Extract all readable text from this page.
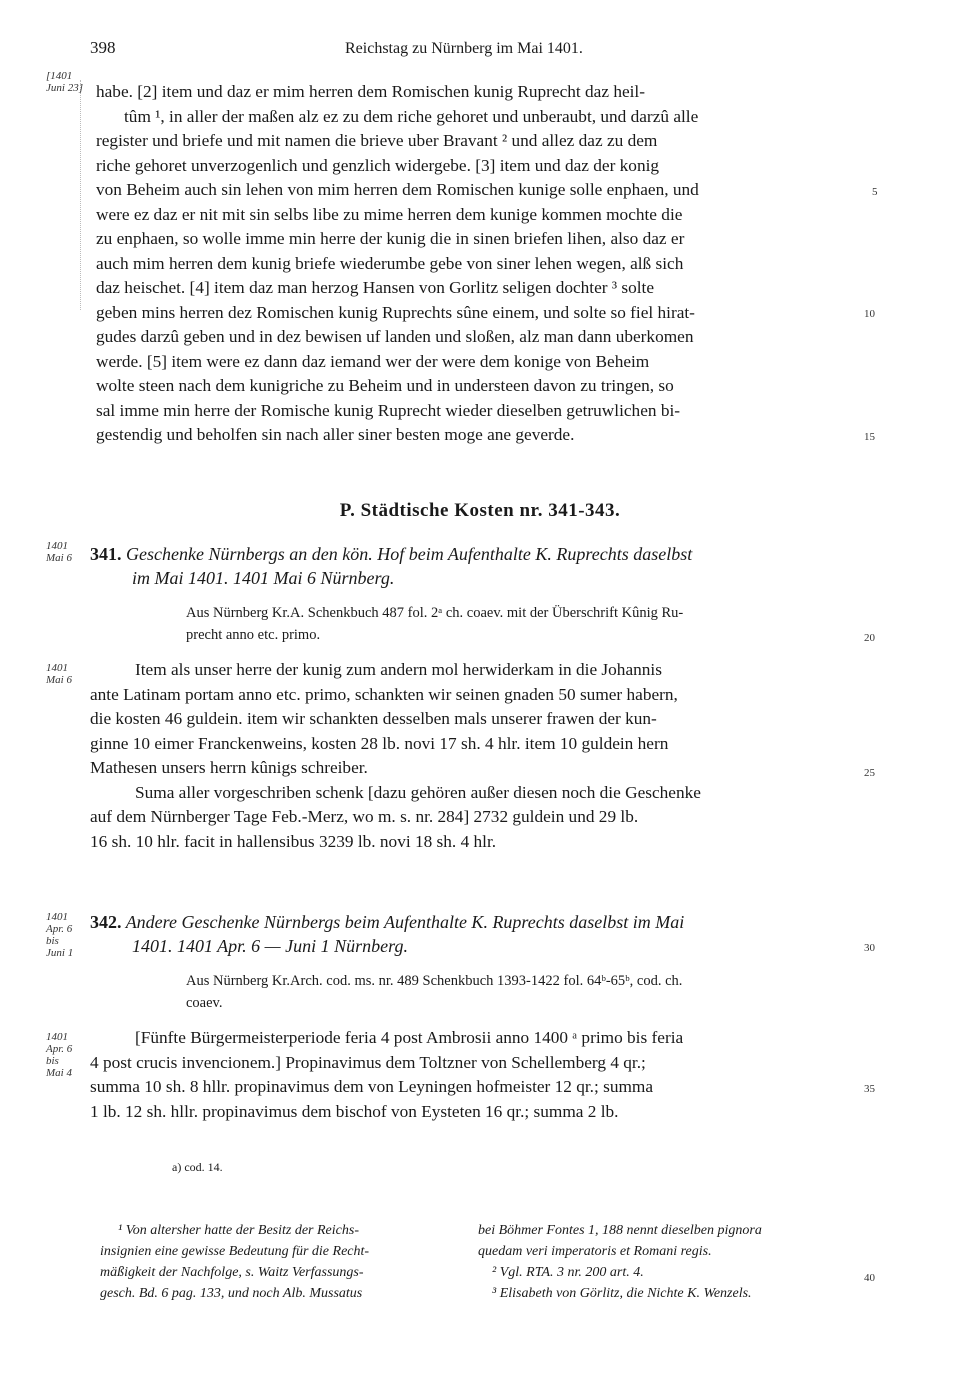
398	Reichstag zu Nürnberg im Mai 1401.
[1401
Juni 23]
1401
Mai 6
1401
Mai 6
1401
Apr. 6
bis
Juni 1
1401
Apr. 6
bis
Mai 4
5
10
15
20
25
30
35
40

habe. [2] item und daz er mim herren dem Romischen kunig Ruprecht daz heil-

tûm ¹, in aller der maßen alz ez zu dem riche gehoret und unberaubt, und darzû alle

register und briefe und mit namen die brieve uber Bravant ² und allez daz zu dem

riche gehoret unverzogenlich und genzlich widergebe. [3] item und daz der konig

von Beheim auch sin lehen von mim herren dem Romischen kunige solle enphaen, und

were ez daz er nit mit sin selbs libe zu mime herren dem kunige kommen mochte die

zu enphaen, so wolle imme min herre der kunig die in sinen briefen lihen, also daz er

auch mim herren dem kunig briefe wiederumbe gebe von siner lehen wegen, alß sich

daz heischet. [4] item daz man herzog Hansen von Gorlitz seligen dochter ³ solte

geben mins herren dez Romischen kunig Ruprechts sûne einem, und solte so fiel hirat-

gudes darzû geben und in dez bewisen uf landen und sloßen, alz man dann uberkomen

werde. [5] item were ez dann daz iemand wer der were dem konige von Beheim

wolte steen nach dem kunigriche zu Beheim und in understeen davon zu tringen, so

sal imme min herre der Romische kunig Ruprecht wieder dieselben getruwlichen bi-

gestendig und beholfen sin nach aller siner besten moge ane geverde.

P. Städtische Kosten nr. 341-343.
341. Geschenke Nürnbergs an den kön. Hof beim Aufenthalte K. Ruprechts daselbst
im Mai 1401. 1401 Mai 6 Nürnberg.
Aus Nürnberg Kr.A. Schenkbuch 487 fol. 2ᵃ ch. coaev. mit der Überschrift Kûnig Ru-
precht anno etc. primo.

Item als unser herre der kunig zum andern mol herwiderkam in die Johannis

ante Latinam portam anno etc. primo, schankten wir seinen gnaden 50 sumer habern,

die kosten 46 guldein. item wir schankten desselben mals unserer frawen der kun-

ginne 10 eimer Franckenweins, kosten 28 lb. novi 17 sh. 4 hlr. item 10 guldein hern

Mathesen unsers herrn kûnigs schreiber.

Suma aller vorgeschriben schenk [dazu gehören außer diesen noch die Geschenke

auf dem Nürnberger Tage Feb.-Merz, wo m. s. nr. 284] 2732 guldein und 29 lb.

16 sh. 10 hlr. facit in hallensibus 3239 lb. novi 18 sh. 4 hlr.

342. Andere Geschenke Nürnbergs beim Aufenthalte K. Ruprechts daselbst im Mai
1401. 1401 Apr. 6 — Juni 1 Nürnberg.
Aus Nürnberg Kr.Arch. cod. ms. nr. 489 Schenkbuch 1393-1422 fol. 64ᵇ-65ᵇ, cod. ch.
coaev.

[Fünfte Bürgermeisterperiode feria 4 post Ambrosii anno 1400 ᵃ primo bis feria

4 post crucis invencionem.] Propinavimus dem Toltzner von Schellemberg 4 qr.;

summa 10 sh. 8 hllr. propinavimus dem von Leyningen hofmeister 12 qr.; summa

1 lb. 12 sh. hllr. propinavimus dem bischof von Eysteten 16 qr.; summa 2 lb.

a) cod. 14.
¹ Von altersher hatte der Besitz der Reichs-
insignien eine gewisse Bedeutung für die Recht-
mäßigkeit der Nachfolge, s. Waitz Verfassungs-
gesch. Bd. 6 pag. 133, und noch Alb. Mussatus
bei Böhmer Fontes 1, 188 nennt dieselben pignora
quedam veri imperatoris et Romani regis.
² Vgl. RTA. 3 nr. 200 art. 4.
³ Elisabeth von Görlitz, die Nichte K. Wenzels.
